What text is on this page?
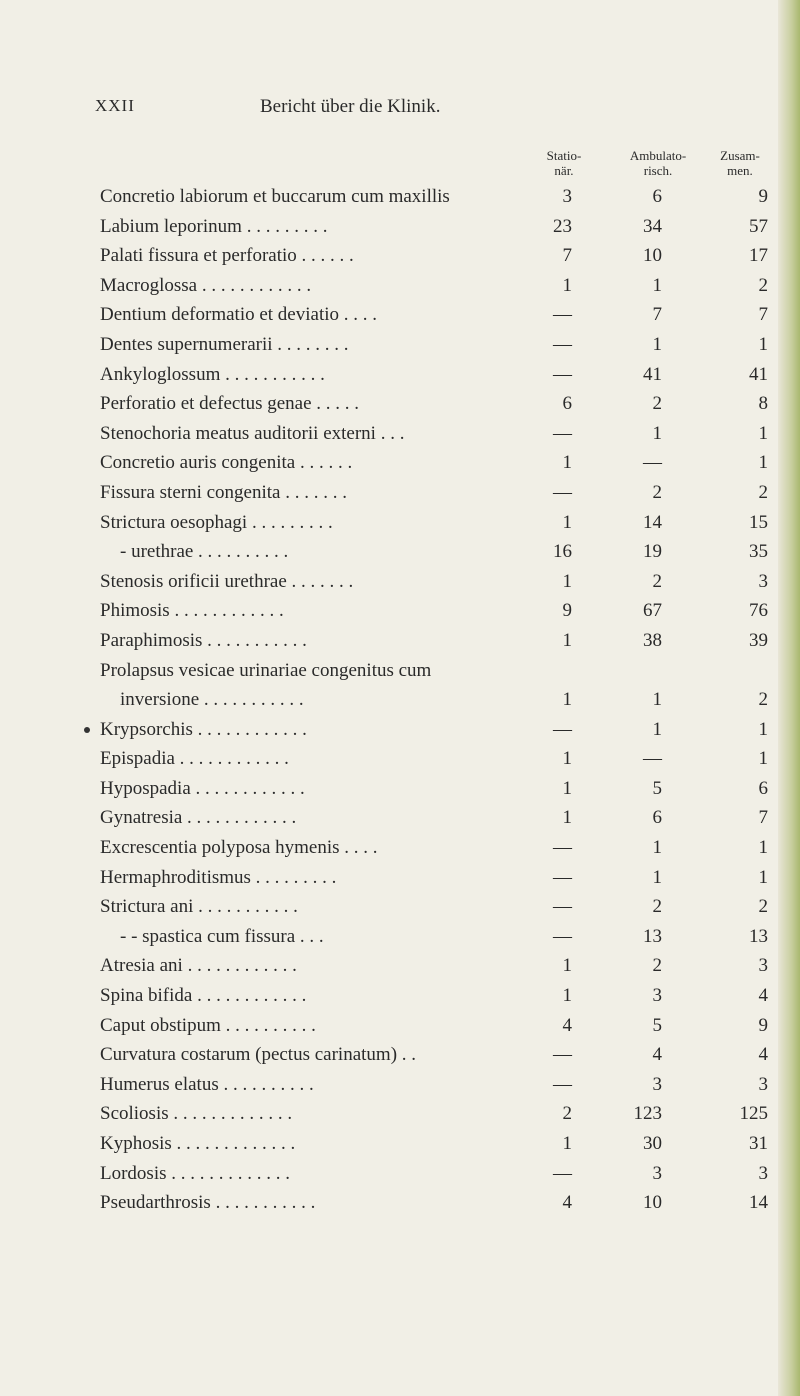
XXII	Bericht über die Klinik.
Statio-
när.
Ambulato-
risch.
Zusam-
men.
Concretio labiorum et buccarum cum maxillis	3	6	9
Labium leporinum . . . . . . . . .	23	34	57
Palati fissura et perforatio . . . . . .	7	10	17
Macroglossa . . . . . . . . . . . .	1	1	2
Dentium deformatio et deviatio . . . .	—	7	7
Dentes supernumerarii . . . . . . . .	—	1	1
Ankyloglossum . . . . . . . . . . .	—	41	41
Perforatio et defectus genae . . . . .	6	2	8
Stenochoria meatus auditorii externi . . .	—	1	1
Concretio auris congenita . . . . . .	1	—	1
Fissura sterni congenita . . . . . . .	—	2	2
Strictura oesophagi . . . . . . . . .	1	14	15
- urethrae . . . . . . . . . .	16	19	35
Stenosis orificii urethrae . . . . . . .	1	2	3
Phimosis . . . . . . . . . . . .	9	67	76
Paraphimosis . . . . . . . . . . .	1	38	39
Prolapsus vesicae urinariae congenitus cum
inversione . . . . . . . . . . .	1	1	2
Krypsorchis . . . . . . . . . . . .	—	1	1
Epispadia . . . . . . . . . . . .	1	—	1
Hypospadia . . . . . . . . . . . .	1	5	6
Gynatresia . . . . . . . . . . . .	1	6	7
Excrescentia polyposa hymenis . . . .	—	1	1
Hermaphroditismus . . . . . . . . .	—	1	1
Strictura ani . . . . . . . . . . .	—	2	2
- - spastica cum fissura . . .	—	13	13
Atresia ani . . . . . . . . . . . .	1	2	3
Spina bifida . . . . . . . . . . . .	1	3	4
Caput obstipum . . . . . . . . . .	4	5	9
Curvatura costarum (pectus carinatum) . .	—	4	4
Humerus elatus . . . . . . . . . .	—	3	3
Scoliosis . . . . . . . . . . . . .	2	123	125
Kyphosis . . . . . . . . . . . . .	1	30	31
Lordosis . . . . . . . . . . . . .	—	3	3
Pseudarthrosis . . . . . . . . . . .	4	10	14
